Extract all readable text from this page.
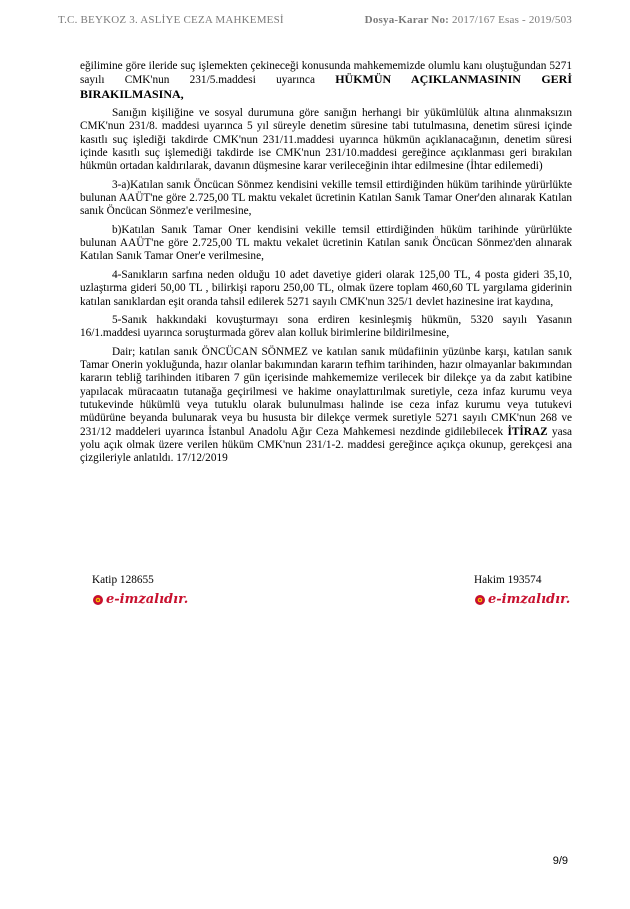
T.C. BEYKOZ 3. ASLİYE CEZA MAHKEMESİ	Dosya-Karar No: 2017/167 Esas - 2019/503

eğilimine göre ileride suç işlemekten çekineceği konusunda mahkememizde olumlu kanı oluştuğundan 5271 sayılı CMK'nun 231/5.maddesi uyarınca HÜKMÜN AÇIKLANMASININ GERİ BIRAKILMASINA,

Sanığın kişiliğine ve sosyal durumuna göre sanığın herhangi bir yükümlülük altına alınmaksızın CMK'nun 231/8. maddesi uyarınca 5 yıl süreyle denetim süresine tabi tutulmasına, denetim süresi içinde kasıtlı suç işlediği takdirde CMK'nun 231/11.maddesi uyarınca hükmün açıklanacağının, denetim süresi içinde kasıtlı suç işlemediği takdirde ise CMK'nun 231/10.maddesi gereğince açıklanması geri bırakılan hükmün ortadan kaldırılarak, davanın düşmesine karar verileceğinin ihtar edilmesine (İhtar edilemedi)

3-a)Katılan sanık Öncücan Sönmez kendisini vekille temsil ettirdiğinden hüküm tarihinde yürürlükte bulunan AAÜT'ne göre 2.725,00 TL maktu vekalet ücretinin Katılan Sanık Tamar Oner'den alınarak Katılan sanık Öncücan Sönmez'e verilmesine,

b)Katılan Sanık Tamar Oner kendisini vekille temsil ettirdiğinden hüküm tarihinde yürürlükte bulunan AAÜT'ne göre 2.725,00 TL maktu vekalet ücretinin Katılan sanık Öncücan Sönmez'den alınarak Katılan Sanık Tamar Oner'e verilmesine,

4-Sanıkların sarfına neden olduğu 10 adet davetiye gideri olarak 125,00 TL, 4 posta gideri 35,10, uzlaştırma gideri 50,00 TL , bilirkişi raporu 250,00 TL, olmak üzere toplam 460,60 TL yargılama giderinin katılan sanıklardan eşit oranda tahsil edilerek 5271 sayılı CMK'nun 325/1 devlet hazinesine irat kaydına,

5-Sanık hakkındaki kovuşturmayı sona erdiren kesinleşmiş hükmün, 5320 sayılı Yasanın 16/1.maddesi uyarınca soruşturmada görev alan kolluk birimlerine bildirilmesine,

Dair; katılan sanık ÖNCÜCAN SÖNMEZ ve katılan sanık müdafiinin yüzünbe karşı, katılan sanık Tamar Onerin yokluğunda, hazır olanlar bakımından kararın tefhim tarihinden, hazır olmayanlar bakımından kararın tebliğ tarihinden itibaren 7 gün içerisinde mahkememize verilecek bir dilekçe ya da zabıt katibine yapılacak müracaatın tutanağa geçirilmesi ve hakime onaylattırılmak suretiyle, ceza infaz kurumu veya tutukevinde hükümlü veya tutuklu olarak bulunulması halinde ise ceza infaz kurumu veya tutukevi müdürüne beyanda bulunarak veya bu hususta bir dilekçe vermek suretiyle 5271 sayılı CMK'nun 268 ve 231/12 maddeleri uyarınca İstanbul Anadolu Ağır Ceza Mahkemesi nezdinde gidilebilecek İTİRAZ yasa yolu açık olmak üzere verilen hüküm CMK'nun 231/1-2. maddesi gereğince açıkça okunup, gerekçesi ana çizgileriyle anlatıldı. 17/12/2019

Katip 128655
e-imzalıdır.
Hakim 193574
e-imzalıdır.
9/9
